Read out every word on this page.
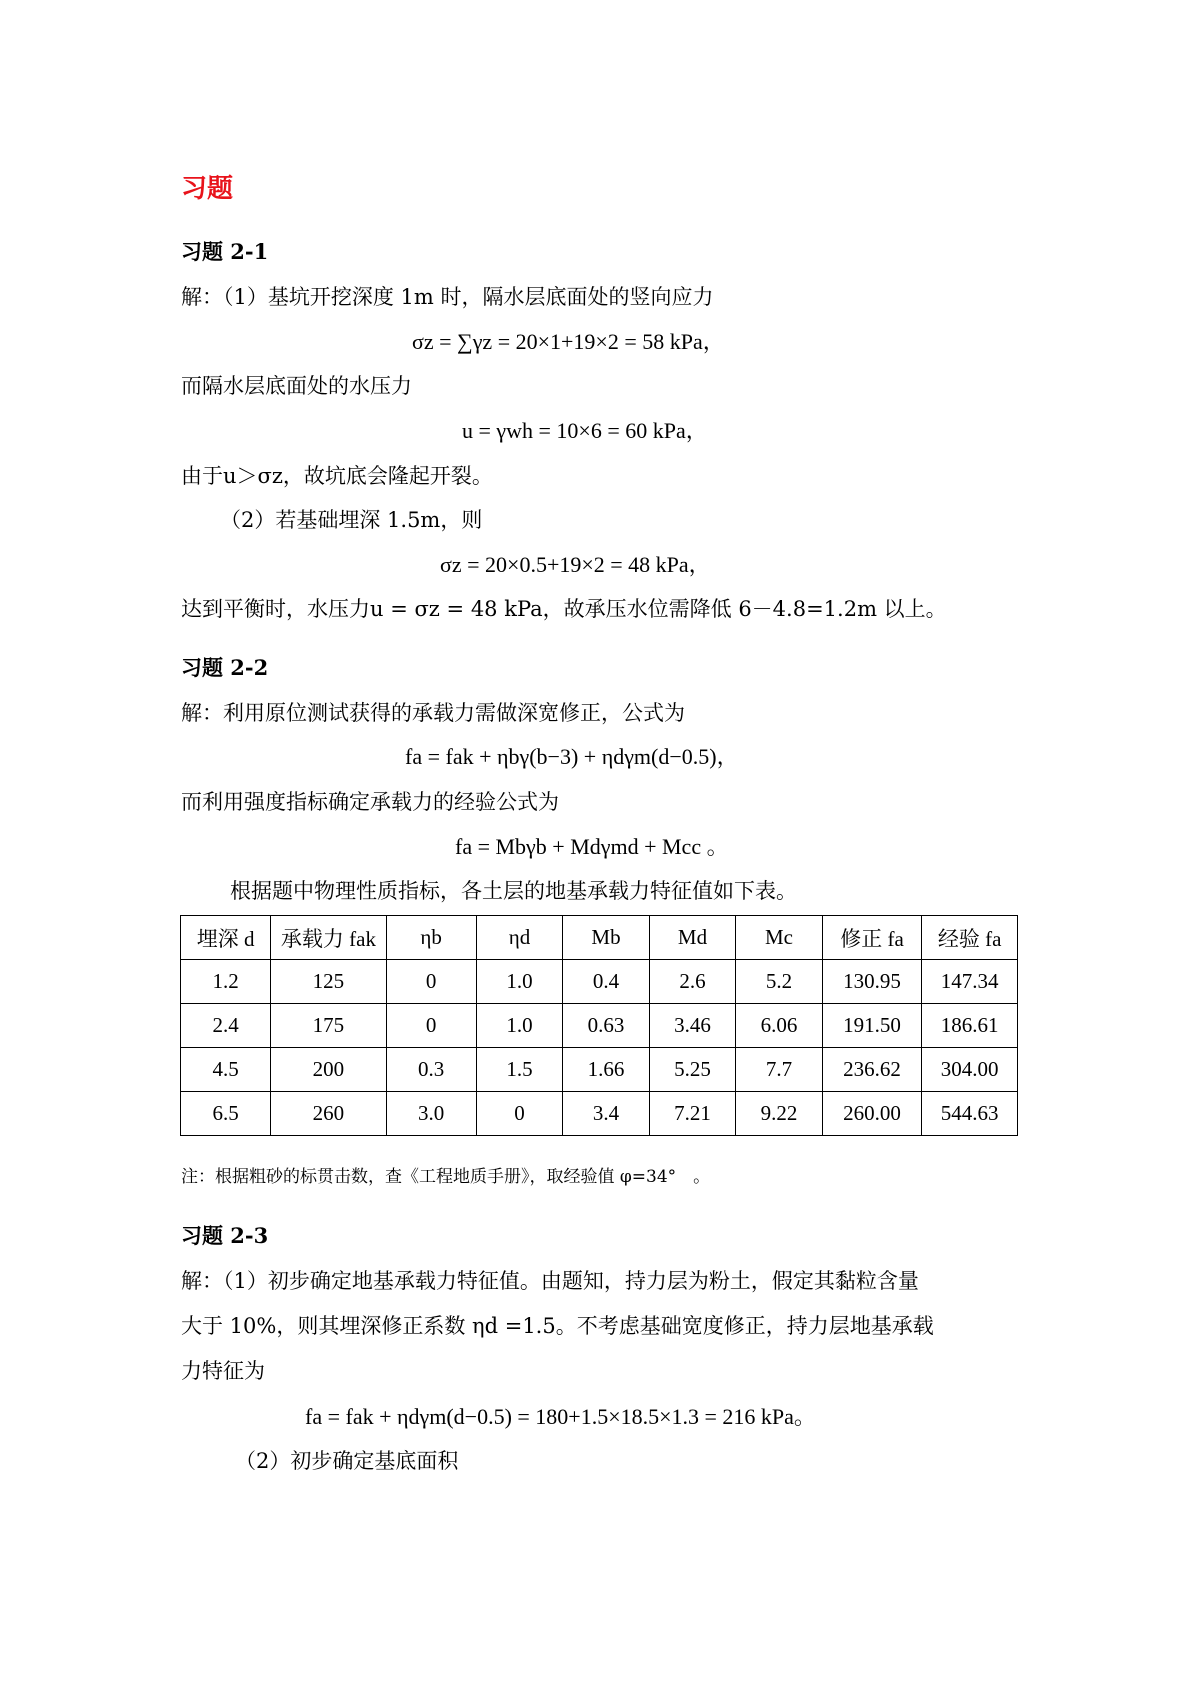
习题
习题 2-1
解：（1）基坑开挖深度 1m 时，隔水层底面处的竖向应力
σz = ∑γz = 20×1+19×2 = 58 kPa，
而隔水层底面处的水压力
u = γwh = 10×6 = 60 kPa，
由于u＞σz，故坑底会隆起开裂。
（2）若基础埋深 1.5m，则
σz = 20×0.5+19×2 = 48 kPa，
达到平衡时，水压力u = σz = 48 kPa，故承压水位需降低 6－4.8=1.2m 以上。
习题 2-2
解：利用原位测试获得的承载力需做深宽修正，公式为
fa = fak + ηbγ(b−3) + ηdγm(d−0.5)，
而利用强度指标确定承载力的经验公式为
fa = Mbγb + Mdγmd + Mcc 。
根据题中物理性质指标，各土层的地基承载力特征值如下表。
埋深 d	承载力 fak	ηb	ηd	Mb	Md	Mc	修正 fa	经验 fa
1.2	125	0	1.0	0.4	2.6	5.2	130.95	147.34
2.4	175	0	1.0	0.63	3.46	6.06	191.50	186.61
4.5	200	0.3	1.5	1.66	5.25	7.7	236.62	304.00
6.5	260	3.0	0	3.4	7.21	9.22	260.00	544.63
注：根据粗砂的标贯击数，查《工程地质手册》，取经验值 φ=34°　。
习题 2-3
解：（1）初步确定地基承载力特征值。由题知，持力层为粉土，假定其黏粒含量
大于 10%，则其埋深修正系数 ηd =1.5。不考虑基础宽度修正，持力层地基承载
力特征为
fa = fak + ηdγm(d−0.5) = 180+1.5×18.5×1.3 = 216 kPa。
（2）初步确定基底面积
